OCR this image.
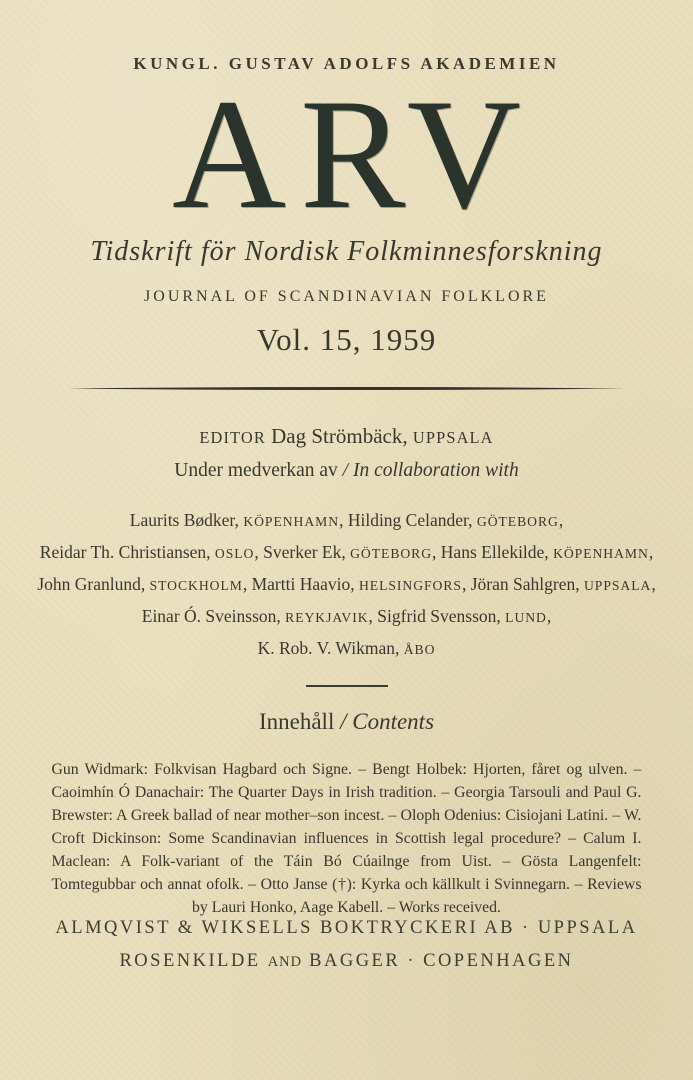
KUNGL. GUSTAV ADOLFS AKADEMIEN
ARV
Tidskrift för Nordisk Folkminnesforskning
JOURNAL OF SCANDINAVIAN FOLKLORE
Vol. 15, 1959
EDITOR Dag Strömbäck, UPPSALA
Under medverkan av / In collaboration with
Laurits Bødker, KÖPENHAMN, Hilding Celander, GÖTEBORG,
Reidar Th. Christiansen, OSLO, Sverker Ek, GÖTEBORG, Hans Ellekilde, KÖPENHAMN,
John Granlund, STOCKHOLM, Martti Haavio, HELSINGFORS, Jöran Sahlgren, UPPSALA,
Einar Ó. Sveinsson, REYKJAVIK, Sigfrid Svensson, LUND,
K. Rob. V. Wikman, ÅBO
Innehåll / Contents
Gun Widmark: Folkvisan Hagbard och Signe. – Bengt Holbek: Hjorten, fåret og ulven. – Caoimhín Ó Danachair: The Quarter Days in Irish tradition. – Georgia Tarsouli and Paul G. Brewster: A Greek ballad of near mother–son incest. – Oloph Odenius: Cisiojani Latini. – W. Croft Dickinson: Some Scandinavian influences in Scottish legal procedure? – Calum I. Maclean: A Folk-variant of the Táin Bó Cúailnge from Uist. – Gösta Langenfelt: Tomtegubbar och annat ofolk. – Otto Janse (†): Kyrka och källkult i Svinnegarn. – Reviews by Lauri Honko, Aage Kabell. – Works received.
ALMQVIST & WIKSELLS BOKTRYCKERI AB · UPPSALA
ROSENKILDE AND BAGGER · COPENHAGEN
